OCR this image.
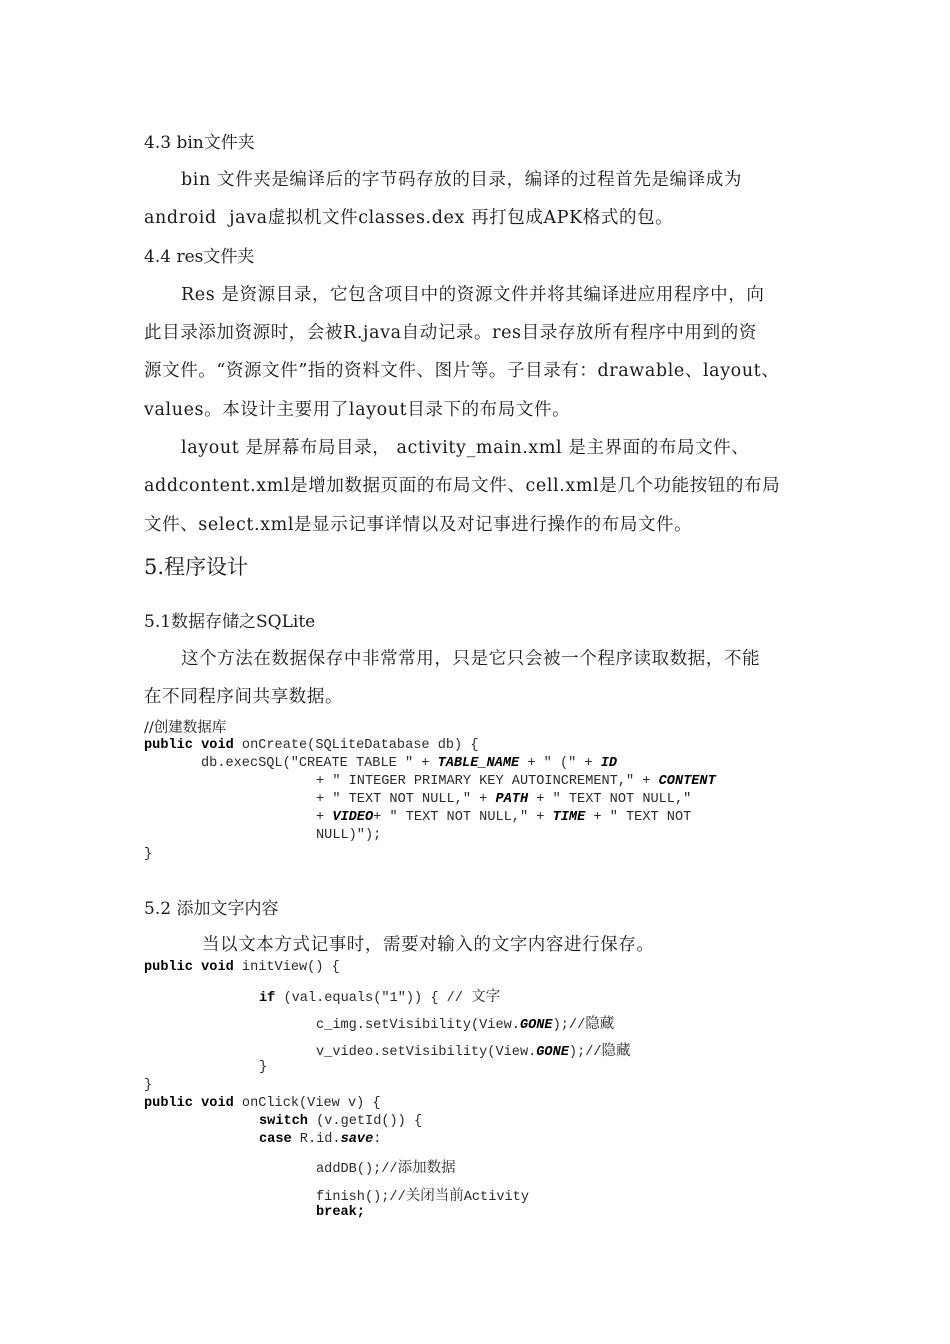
4.3 bin文件夹
bin 文件夹是编译后的字节码存放的目录，编译的过程首先是编译成为
android  java虚拟机文件classes.dex 再打包成APK格式的包。
4.4 res文件夹
Res 是资源目录，它包含项目中的资源文件并将其编译进应用程序中，向
此目录添加资源时，会被R.java自动记录。res目录存放所有程序中用到的资
源文件。“资源文件”指的资料文件、图片等。子目录有：drawable、layout、
values。本设计主要用了layout目录下的布局文件。
layout 是屏幕布局目录， activity_main.xml 是主界面的布局文件、
addcontent.xml是增加数据页面的布局文件、cell.xml是几个功能按钮的布局
文件、select.xml是显示记事详情以及对记事进行操作的布局文件。
5.程序设计
5.1数据存储之SQLite
这个方法在数据保存中非常常用，只是它只会被一个程序读取数据，不能
在不同程序间共享数据。
//创建数据库
public void onCreate(SQLiteDatabase db) {
db.execSQL("CREATE TABLE " + TABLE_NAME + " (" + ID
+ " INTEGER PRIMARY KEY AUTOINCREMENT," + CONTENT
+ " TEXT NOT NULL," + PATH + " TEXT NOT NULL,"
+ VIDEO+ " TEXT NOT NULL," + TIME + " TEXT NOT
NULL)");
}
5.2 添加文字内容
当以文本方式记事时，需要对输入的文字内容进行保存。
public void initView() {
if (val.equals("1")) { // 文字
c_img.setVisibility(View.GONE);//隐藏
v_video.setVisibility(View.GONE);//隐藏
}
}
public void onClick(View v) {
switch (v.getId()) {
case R.id.save:
addDB();//添加数据
finish();//关闭当前Activity
break;
